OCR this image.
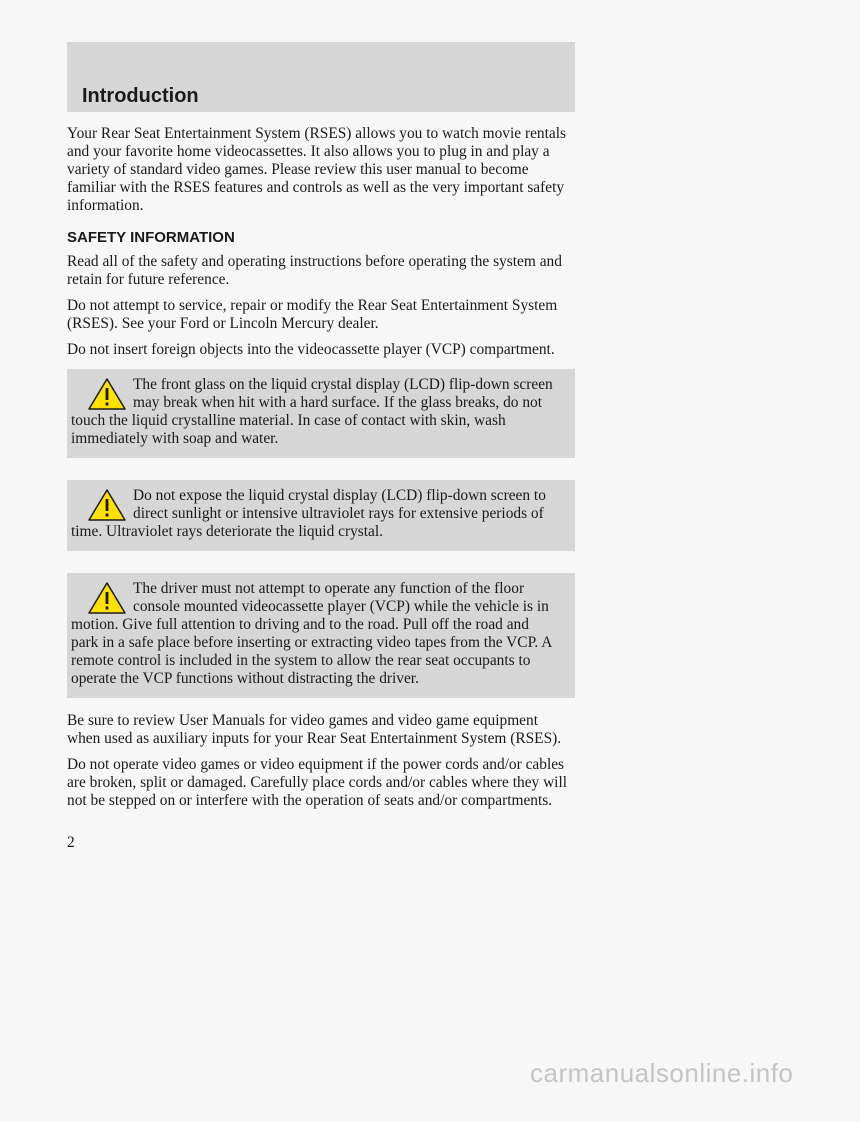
Introduction

Your Rear Seat Entertainment System (RSES) allows you to watch movie rentals and your favorite home videocassettes. It also allows you to plug in and play a variety of standard video games. Please review this user manual to become familiar with the RSES features and controls as well as the very important safety information.

SAFETY INFORMATION

Read all of the safety and operating instructions before operating the system and retain for future reference.

Do not attempt to service, repair or modify the Rear Seat Entertainment System (RSES). See your Ford or Lincoln Mercury dealer.

Do not insert foreign objects into the videocassette player (VCP) compartment.

The front glass on the liquid crystal display (LCD) flip-down screen may break when hit with a hard surface. If the glass breaks, do not touch the liquid crystalline material. In case of contact with skin, wash immediately with soap and water.

Do not expose the liquid crystal display (LCD) flip-down screen to direct sunlight or intensive ultraviolet rays for extensive periods of time. Ultraviolet rays deteriorate the liquid crystal.

The driver must not attempt to operate any function of the floor console mounted videocassette player (VCP) while the vehicle is in motion. Give full attention to driving and to the road. Pull off the road and park in a safe place before inserting or extracting video tapes from the VCP. A remote control is included in the system to allow the rear seat occupants to operate the VCP functions without distracting the driver.

Be sure to review User Manuals for video games and video game equipment when used as auxiliary inputs for your Rear Seat Entertainment System (RSES).

Do not operate video games or video equipment if the power cords and/or cables are broken, split or damaged. Carefully place cords and/or cables where they will not be stepped on or interfere with the operation of seats and/or compartments.

2
carmanualsonline.info
